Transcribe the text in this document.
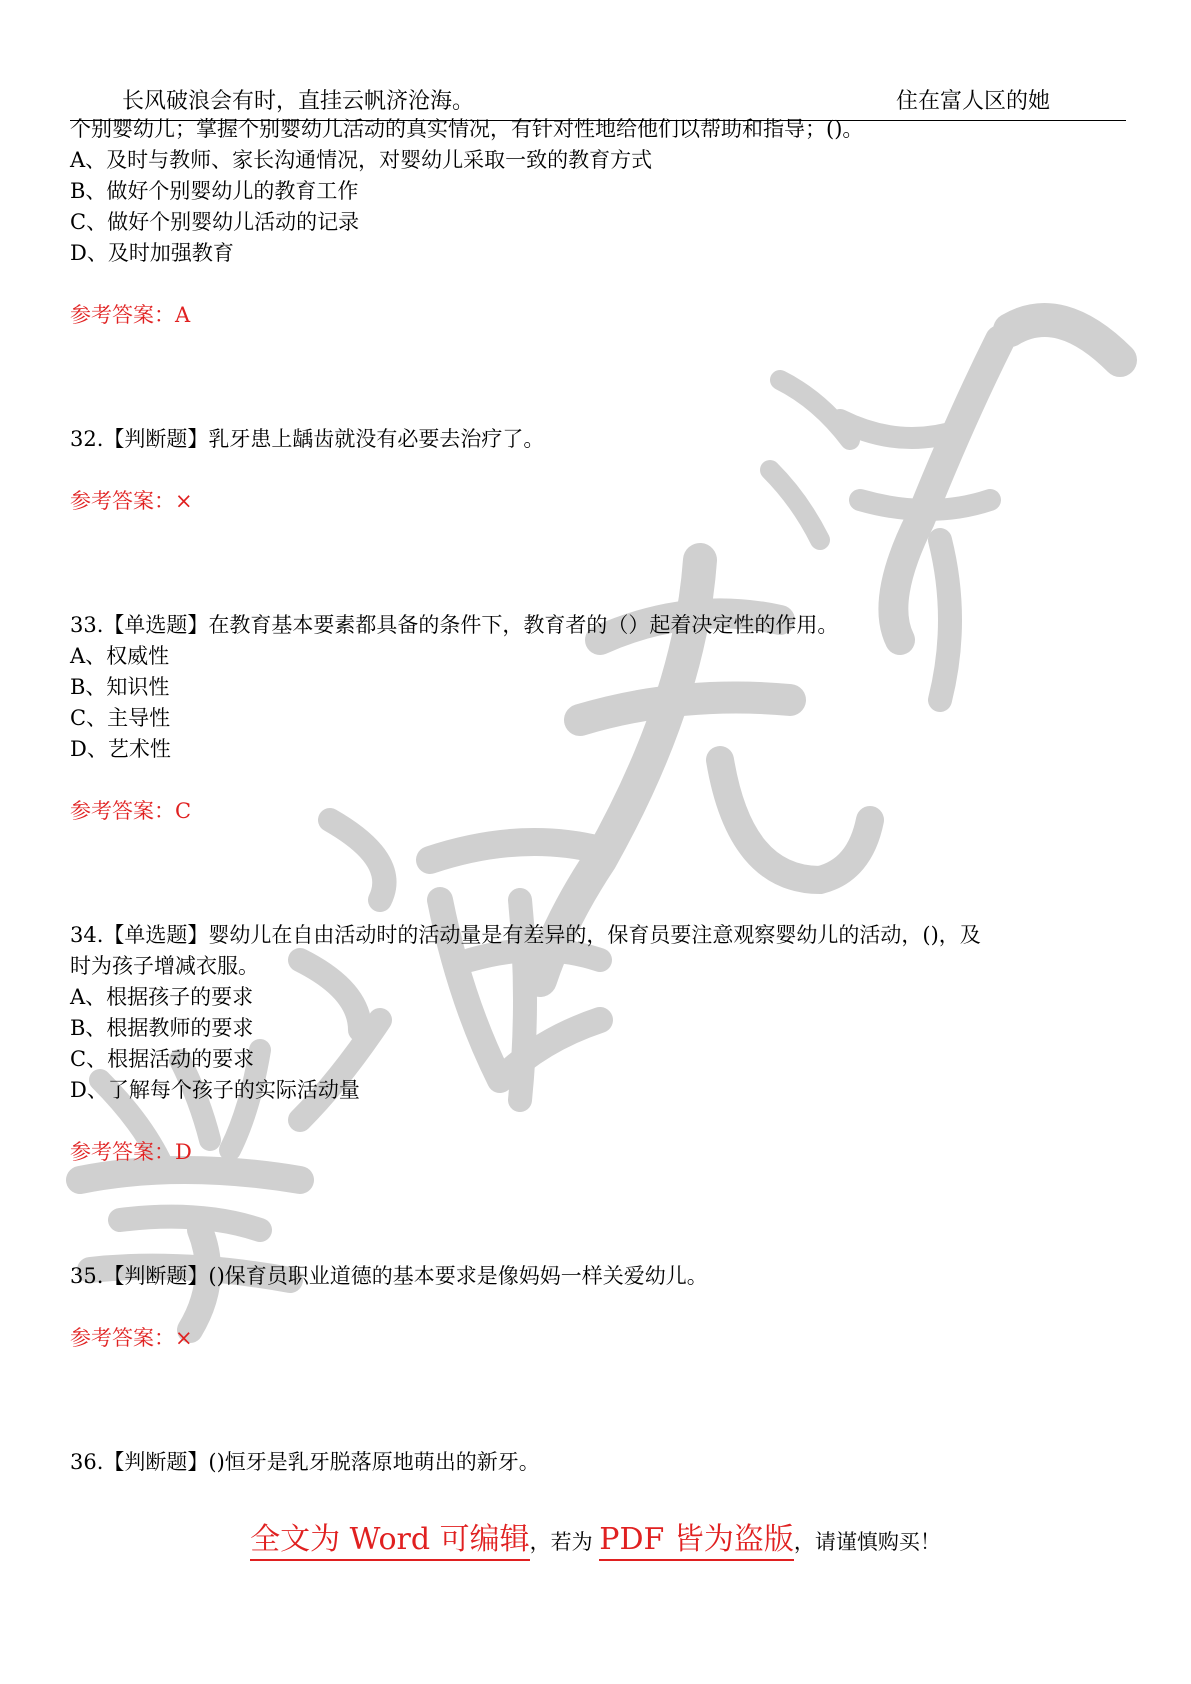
长风破浪会有时，直挂云帆济沧海。	住在富人区的她

个别婴幼儿；掌握个别婴幼儿活动的真实情况，有针对性地给他们以帮助和指导；()。

A、及时与教师、家长沟通情况，对婴幼儿采取一致的教育方式

B、做好个别婴幼儿的教育工作

C、做好个别婴幼儿活动的记录

D、及时加强教育

参考答案：A

32.【判断题】乳牙患上龋齿就没有必要去治疗了。

参考答案：×

33.【单选题】在教育基本要素都具备的条件下，教育者的（）起着决定性的作用。

A、权威性

B、知识性

C、主导性

D、艺术性

参考答案：C

34.【单选题】婴幼儿在自由活动时的活动量是有差异的，保育员要注意观察婴幼儿的活动，()，及

时为孩子增减衣服。

A、根据孩子的要求

B、根据教师的要求

C、根据活动的要求

D、了解每个孩子的实际活动量

参考答案：D

35.【判断题】()保育员职业道德的基本要求是像妈妈一样关爱幼儿。

参考答案：×

36.【判断题】()恒牙是乳牙脱落原地萌出的新牙。

全文为 Word 可编辑，若为 PDF 皆为盗版，请谨慎购买！
